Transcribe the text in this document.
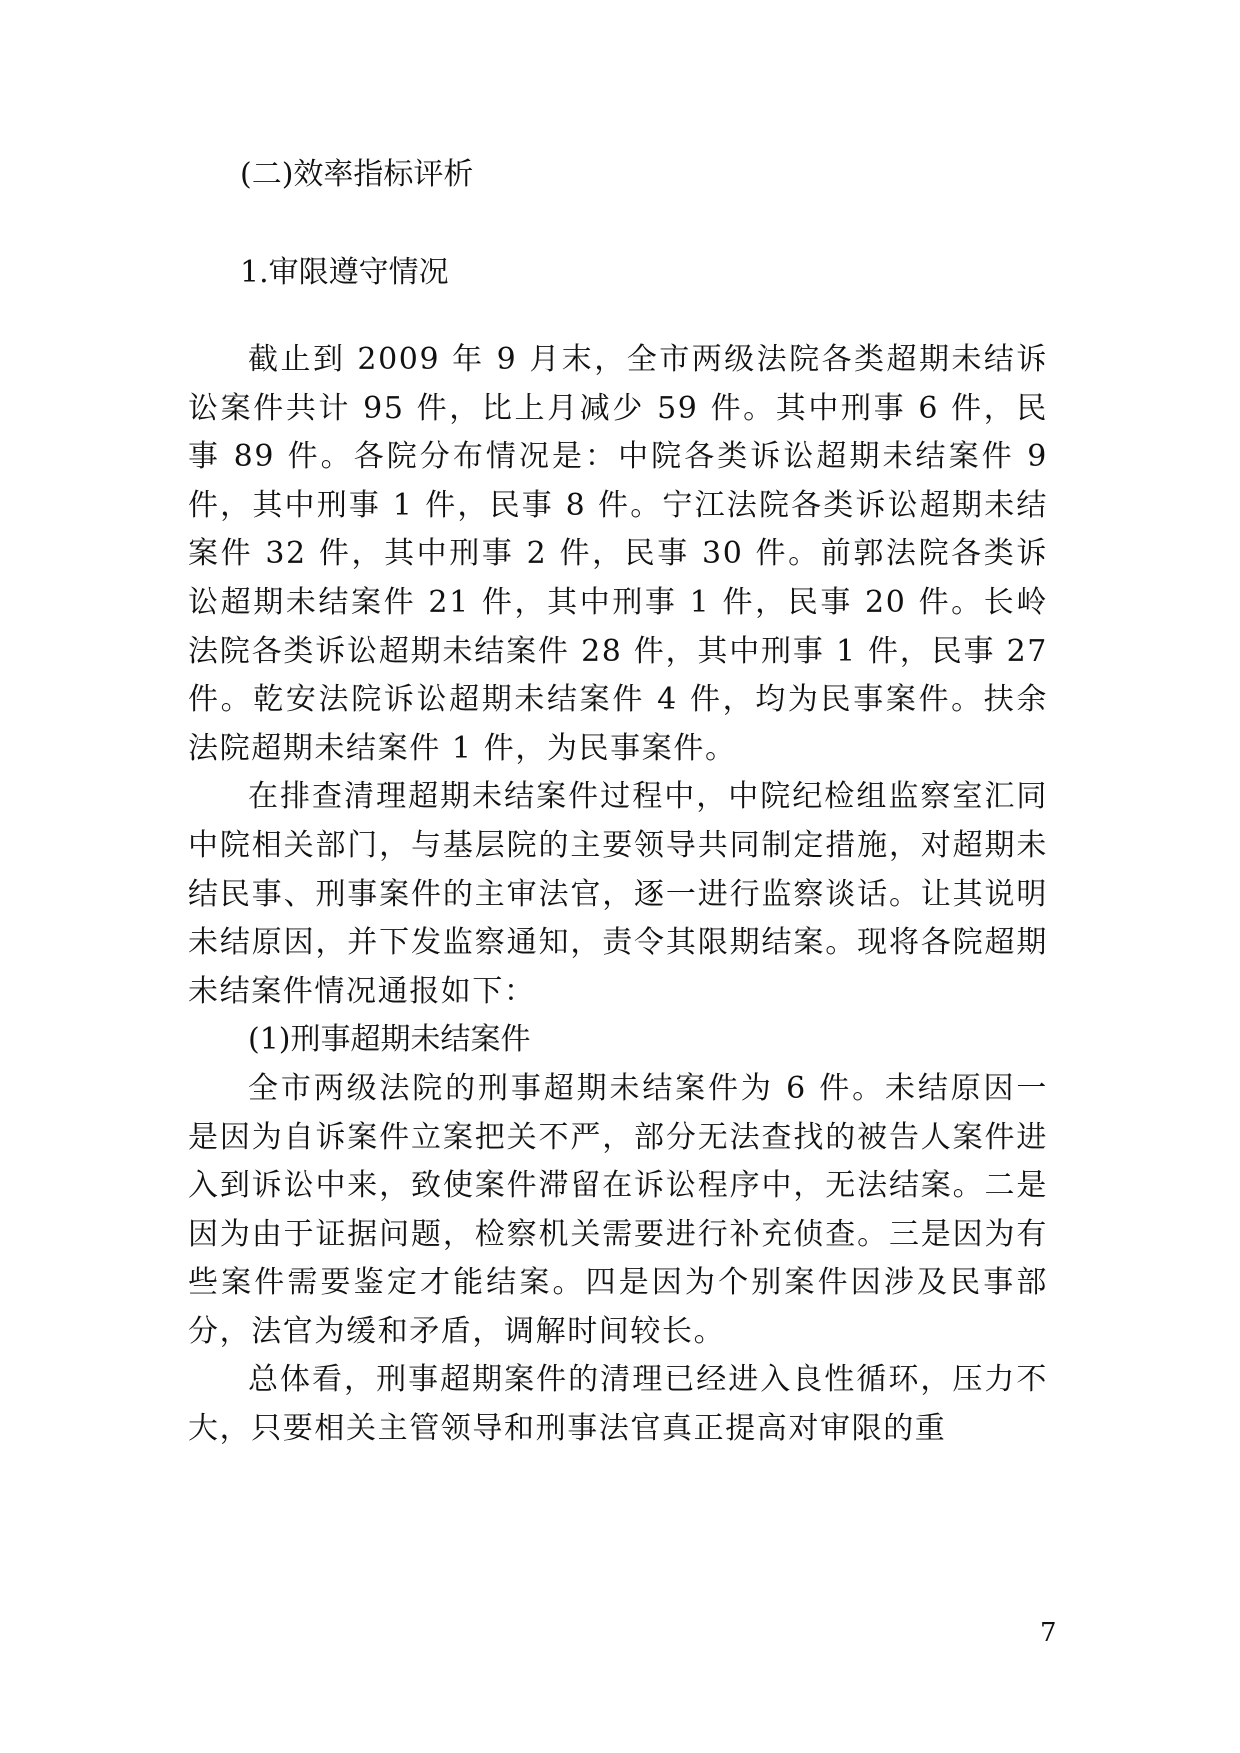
(二)效率指标评析

1.审限遵守情况

截止到 2009 年 9 月末，全市两级法院各类超期未结诉讼案件共计 95 件，比上月减少 59 件。其中刑事 6 件，民事 89 件。各院分布情况是：中院各类诉讼超期未结案件 9 件，其中刑事 1 件，民事 8 件。宁江法院各类诉讼超期未结案件 32 件，其中刑事 2 件，民事 30 件。前郭法院各类诉讼超期未结案件 21 件，其中刑事 1 件，民事 20 件。长岭法院各类诉讼超期未结案件 28 件，其中刑事 1 件，民事 27 件。乾安法院诉讼超期未结案件 4 件，均为民事案件。扶余法院超期未结案件 1 件，为民事案件。

在排查清理超期未结案件过程中，中院纪检组监察室汇同中院相关部门，与基层院的主要领导共同制定措施，对超期未结民事、刑事案件的主审法官，逐一进行监察谈话。让其说明未结原因，并下发监察通知，责令其限期结案。现将各院超期未结案件情况通报如下：

(1)刑事超期未结案件

全市两级法院的刑事超期未结案件为 6 件。未结原因一是因为自诉案件立案把关不严，部分无法查找的被告人案件进入到诉讼中来，致使案件滞留在诉讼程序中，无法结案。二是因为由于证据问题，检察机关需要进行补充侦查。三是因为有些案件需要鉴定才能结案。四是因为个别案件因涉及民事部分，法官为缓和矛盾，调解时间较长。

总体看，刑事超期案件的清理已经进入良性循环，压力不大，只要相关主管领导和刑事法官真正提高对审限的重

7
